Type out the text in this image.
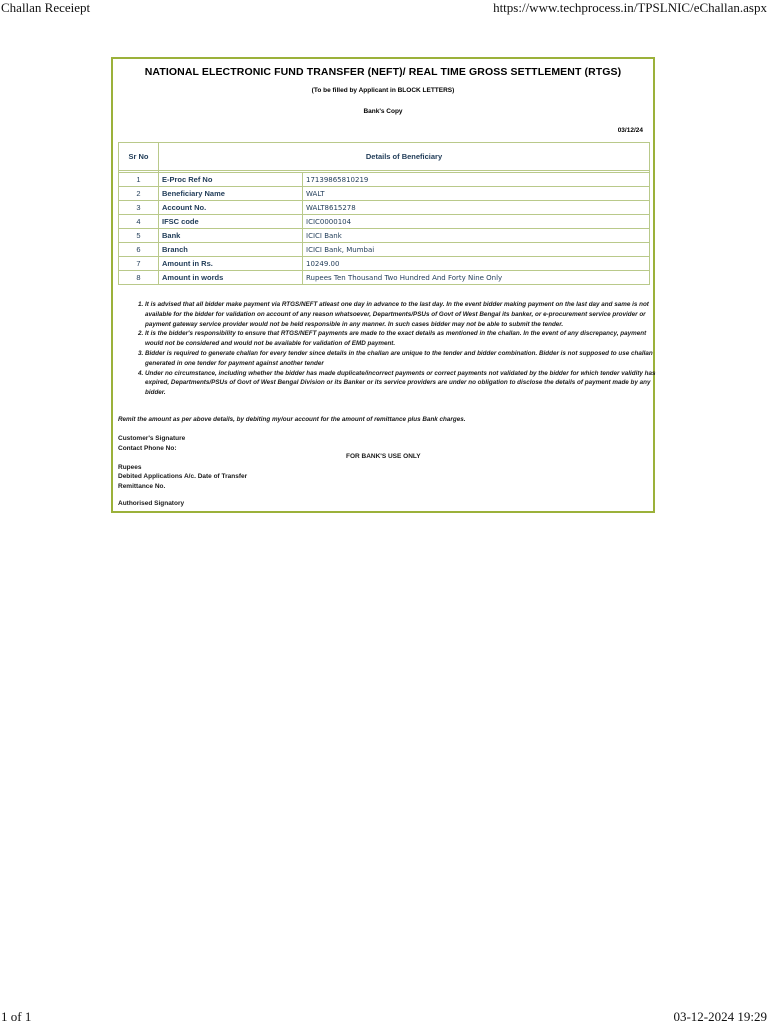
Challan Receiept	https://www.techprocess.in/TPSLNIC/eChallan.aspx
NATIONAL ELECTRONIC FUND TRANSFER (NEFT)/ REAL TIME GROSS SETTLEMENT (RTGS)
(To be filled by Applicant in BLOCK LETTERS)
Bank's Copy
03/12/24
Sr No	Details of Beneficiary	

1	E-Proc Ref No	17139865810219
2	Beneficiary Name	WALT
3	Account No.	WALT8615278
4	IFSC code	ICIC0000104
5	Bank	ICICI Bank
6	Branch	ICICI Bank, Mumbai
7	Amount in Rs.	10249.00
8	Amount in words	Rupees Ten Thousand Two Hundred And Forty Nine Only
1. It is advised that all bidder make payment via RTGS/NEFT atleast one day in advance to the last day. In the event bidder making payment on the last day and same is not available for the bidder for validation on account of any reason whatsoever, Departments/PSUs of Govt of West Bengal its banker, or e-procurement service provider or payment gateway service provider would not be held responsible in any manner. In such cases bidder may not be able to submit the tender.
2. It is the bidder's responsibility to ensure that RTGS/NEFT payments are made to the exact details as mentioned in the challan. In the event of any discrepancy, payment would not be considered and would not be available for validation of EMD payment.
3. Bidder is required to generate challan for every tender since details in the challan are unique to the tender and bidder combination. Bidder is not supposed to use challan generated in one tender for payment against another tender
4. Under no circumstance, including whether the bidder has made duplicate/incorrect payments or correct payments not validated by the bidder for which tender validity has expired, Departments/PSUs of Govt of West Bengal Division or its Banker or its service providers are under no obligation to disclose the details of payment made by any bidder.
Remit the amount as per above details, by debiting my/our account for the amount of remittance plus Bank charges.
Customer's Signature
Contact Phone No:
Rupees
Debited Applications A/c. Date of Transfer
Remittance No.
FOR BANK'S USE ONLY
Authorised Signatory
1 of 1	03-12-2024 19:29
